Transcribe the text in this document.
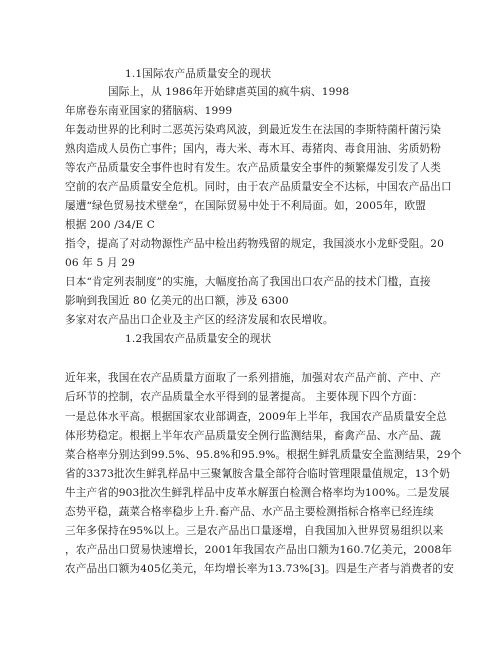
1.1国际农产品质量安全的现状
国际上，从 1986年开始肆虐英国的疯牛病、1998
年席卷东南亚国家的猪脑病、1999
年轰动世界的比利时二恶英污染鸡风波，到最近发生在法国的李斯特菌杆菌污染
熟肉造成人员伤亡事件；国内，毒大米、毒木耳、毒猪肉、毒食用油、劣质奶粉
等农产品质量安全事件也时有发生。农产品质量安全事件的频繁爆发引发了人类
空前的农产品质量安全危机。同时，由于农产品质量安全不达标，中国农产品出口
屡遭“绿色贸易技术壁垒”，在国际贸易中处于不利局面。如，2005年，欧盟
根据 200 /34/E C
指令，提高了对动物源性产品中检出药物残留的规定，我国淡水小龙虾受阻。20
06 年 5 月 29
日本“肯定列表制度”的实施，大幅度抬高了我国出口农产品的技术门槛，直接
影响到我国近 80 亿美元的出口额，涉及 6300
多家对农产品出口企业及主产区的经济发展和农民增收。
1.2我国农产品质量安全的现状
近年来，我国在农产品质量方面取了一系列措施，加强对农产品产前、产中、产
后环节的控制，农产品质量全水平得到的显著提高。 主要体现下四个方面：
一是总体水平高。根据国家农业部调查，2009年上半年，我国农产品质量安全总
体形势稳定。根据上半年农产品质量安全例行监测结果，畜禽产品、水产品、蔬
菜合格率分别达到99.5%、95.8%和95.9%。根据生鲜乳质量安全监测结果，29个
省的3373批次生鲜乳样品中三聚氰胺含量全部符合临时管理限量值规定，13个奶
牛主产省的903批次生鲜乳样品中皮革水解蛋白检测合格率均为100%。二是发展
态势平稳，蔬菜合格率稳步上升.畜产品、水产品主要检测指标合格率已经连续
三年多保持在95%以上。三是农产品出口量逐增，自我国加入世界贸易组织以来
，农产品出口贸易快速增长，2001年我国农产品出口额为160.7亿美元，2008年
农产品出口额为405亿美元，年均增长率为13.73%[3]。四是生产者与消费者的安
